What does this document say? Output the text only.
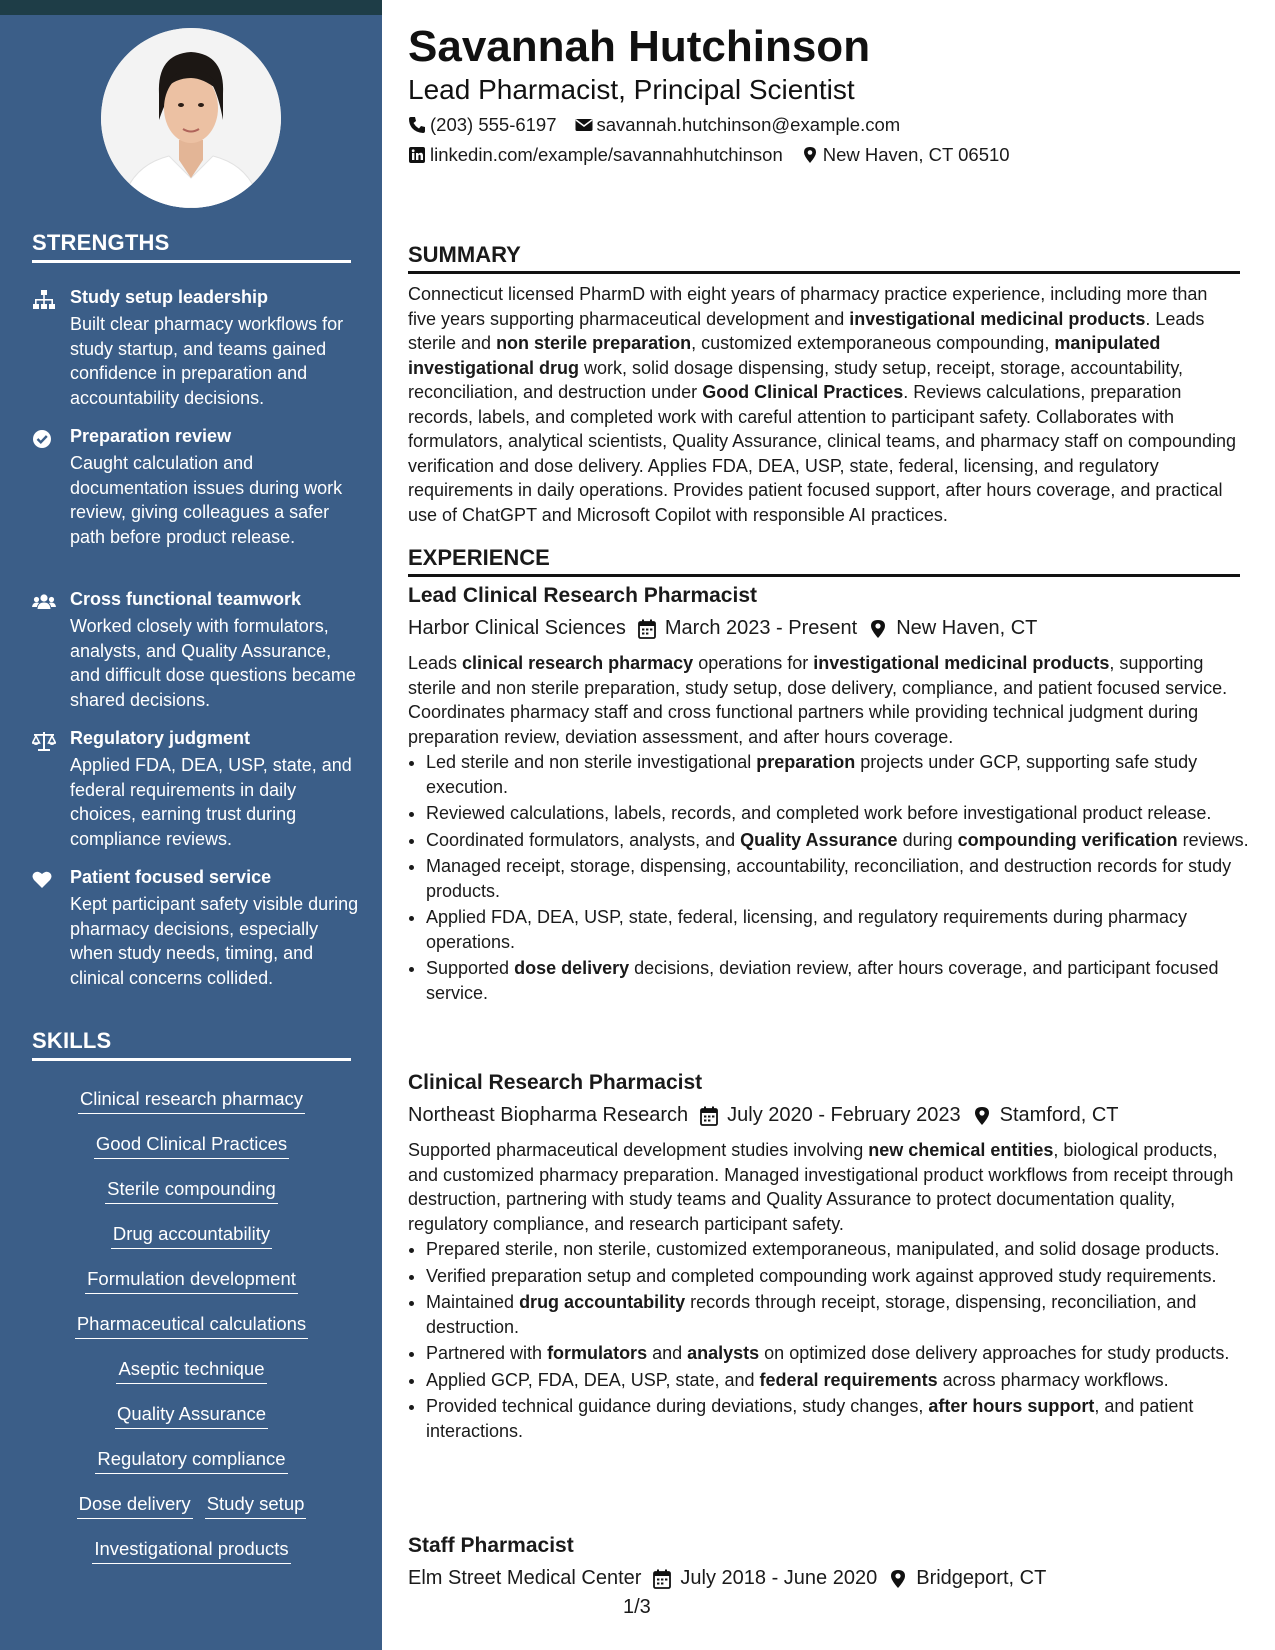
STRENGTHS
Study setup leadership
Built clear pharmacy workflows for study startup, and teams gained confidence in preparation and accountability decisions.
Preparation review
Caught calculation and documentation issues during work review, giving colleagues a safer path before product release.
Cross functional teamwork
Worked closely with formulators, analysts, and Quality Assurance, and difficult dose questions became shared decisions.
Regulatory judgment
Applied FDA, DEA, USP, state, and federal requirements in daily choices, earning trust during compliance reviews.
Patient focused service
Kept participant safety visible during pharmacy decisions, especially when study needs, timing, and clinical concerns collided.
SKILLS
Clinical research pharmacy
Good Clinical Practices
Sterile compounding
Drug accountability
Formulation development
Pharmaceutical calculations
Aseptic technique
Quality Assurance
Regulatory compliance
Dose delivery Study setup
Investigational products
Savannah Hutchinson
Lead Pharmacist, Principal Scientist
(203) 555-6197 savannah.hutchinson@example.com
linkedin.com/example/savannahhutchinson New Haven, CT 06510
SUMMARY
Connecticut licensed PharmD with eight years of pharmacy practice experience, including more than five years supporting pharmaceutical development and investigational medicinal products. Leads sterile and non sterile preparation, customized extemporaneous compounding, manipulated investigational drug work, solid dosage dispensing, study setup, receipt, storage, accountability, reconciliation, and destruction under Good Clinical Practices. Reviews calculations, preparation records, labels, and completed work with careful attention to participant safety. Collaborates with formulators, analytical scientists, Quality Assurance, clinical teams, and pharmacy staff on compounding verification and dose delivery. Applies FDA, DEA, USP, state, federal, licensing, and regulatory requirements in daily operations. Provides patient focused support, after hours coverage, and practical use of ChatGPT and Microsoft Copilot with responsible AI practices.
EXPERIENCE
Lead Clinical Research Pharmacist
Harbor Clinical Sciences March 2023 - Present New Haven, CT
Leads clinical research pharmacy operations for investigational medicinal products, supporting sterile and non sterile preparation, study setup, dose delivery, compliance, and patient focused service. Coordinates pharmacy staff and cross functional partners while providing technical judgment during preparation review, deviation assessment, and after hours coverage.
• Led sterile and non sterile investigational preparation projects under GCP, supporting safe study execution.
• Reviewed calculations, labels, records, and completed work before investigational product release.
• Coordinated formulators, analysts, and Quality Assurance during compounding verification reviews.
• Managed receipt, storage, dispensing, accountability, reconciliation, and destruction records for study products.
• Applied FDA, DEA, USP, state, federal, licensing, and regulatory requirements during pharmacy operations.
• Supported dose delivery decisions, deviation review, after hours coverage, and participant focused service.
Clinical Research Pharmacist
Northeast Biopharma Research July 2020 - February 2023 Stamford, CT
Supported pharmaceutical development studies involving new chemical entities, biological products, and customized pharmacy preparation. Managed investigational product workflows from receipt through destruction, partnering with study teams and Quality Assurance to protect documentation quality, regulatory compliance, and research participant safety.
• Prepared sterile, non sterile, customized extemporaneous, manipulated, and solid dosage products.
• Verified preparation setup and completed compounding work against approved study requirements.
• Maintained drug accountability records through receipt, storage, dispensing, reconciliation, and destruction.
• Partnered with formulators and analysts on optimized dose delivery approaches for study products.
• Applied GCP, FDA, DEA, USP, state, and federal requirements across pharmacy workflows.
• Provided technical guidance during deviations, study changes, after hours support, and patient interactions.
Staff Pharmacist
Elm Street Medical Center July 2018 - June 2020 Bridgeport, CT
1/3
